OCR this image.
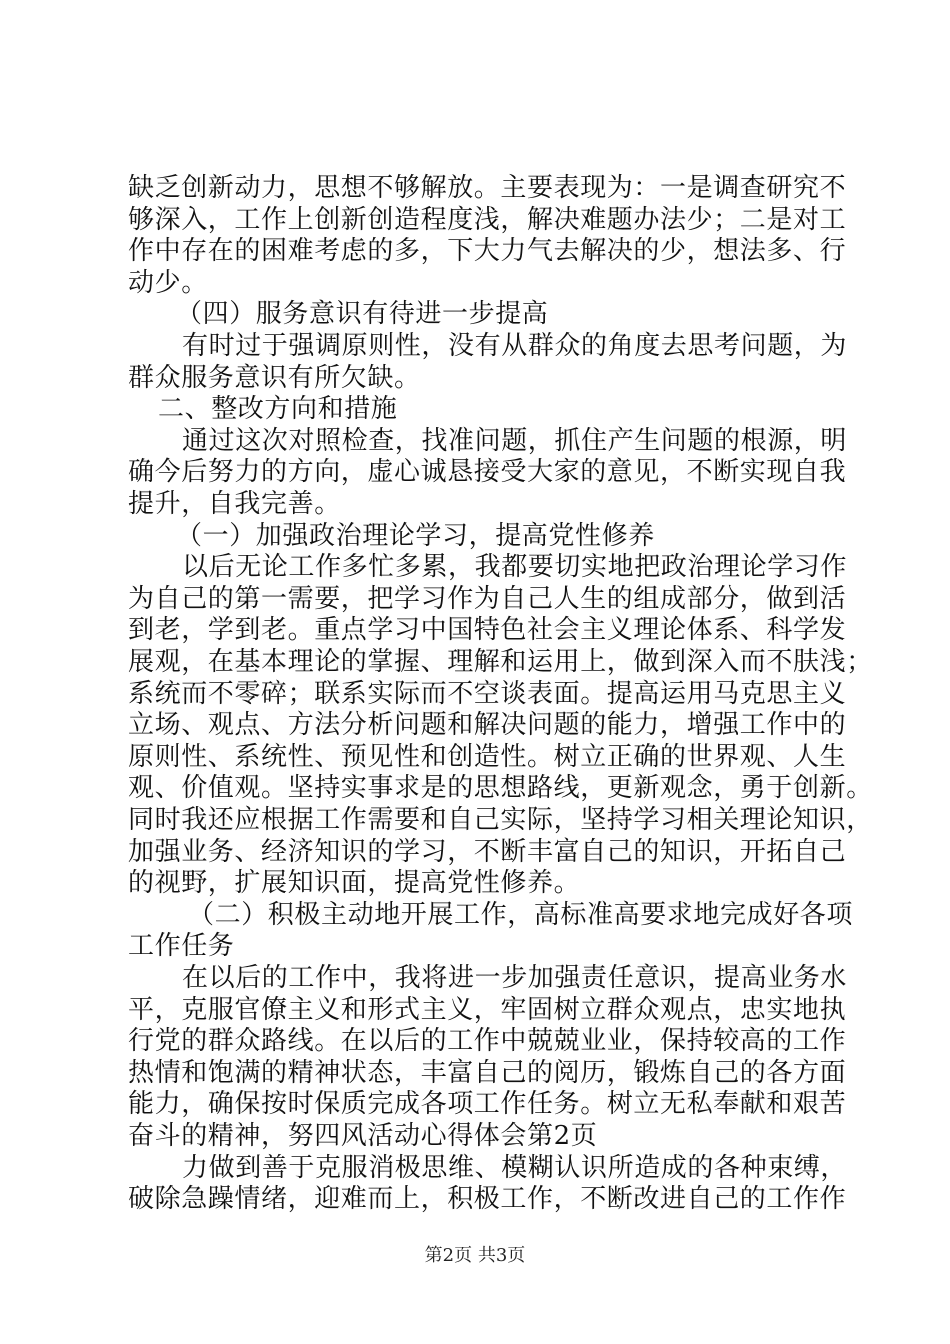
缺乏创新动力，思想不够解放。主要表现为：一是调查研究不
够深入，工作上创新创造程度浅，解决难题办法少；二是对工
作中存在的困难考虑的多，下大力气去解决的少，想法多、行
动少。
（四）服务意识有待进一步提高
有时过于强调原则性，没有从群众的角度去思考问题，为
群众服务意识有所欠缺。
二、整改方向和措施
通过这次对照检查，找准问题，抓住产生问题的根源，明
确今后努力的方向，虚心诚恳接受大家的意见，不断实现自我
提升，自我完善。
（一）加强政治理论学习，提高党性修养
以后无论工作多忙多累，我都要切实地把政治理论学习作
为自己的第一需要，把学习作为自己人生的组成部分，做到活
到老，学到老。重点学习中国特色社会主义理论体系、科学发
展观，在基本理论的掌握、理解和运用上，做到深入而不肤浅；
系统而不零碎；联系实际而不空谈表面。提高运用马克思主义
立场、观点、方法分析问题和解决问题的能力，增强工作中的
原则性、系统性、预见性和创造性。树立正确的世界观、人生
观、价值观。坚持实事求是的思想路线，更新观念，勇于创新。
同时我还应根据工作需要和自己实际，坚持学习相关理论知识，
加强业务、经济知识的学习，不断丰富自己的知识，开拓自己
的视野，扩展知识面，提高党性修养。
（二）积极主动地开展工作，高标准高要求地完成好各项
工作任务
在以后的工作中，我将进一步加强责任意识，提高业务水
平，克服官僚主义和形式主义，牢固树立群众观点，忠实地执
行党的群众路线。在以后的工作中兢兢业业，保持较高的工作
热情和饱满的精神状态，丰富自己的阅历，锻炼自己的各方面
能力，确保按时保质完成各项工作任务。树立无私奉献和艰苦
奋斗的精神，努四风活动心得体会第2页
力做到善于克服消极思维、模糊认识所造成的各种束缚，
破除急躁情绪，迎难而上，积极工作，不断改进自己的工作作
第2页 共3页
